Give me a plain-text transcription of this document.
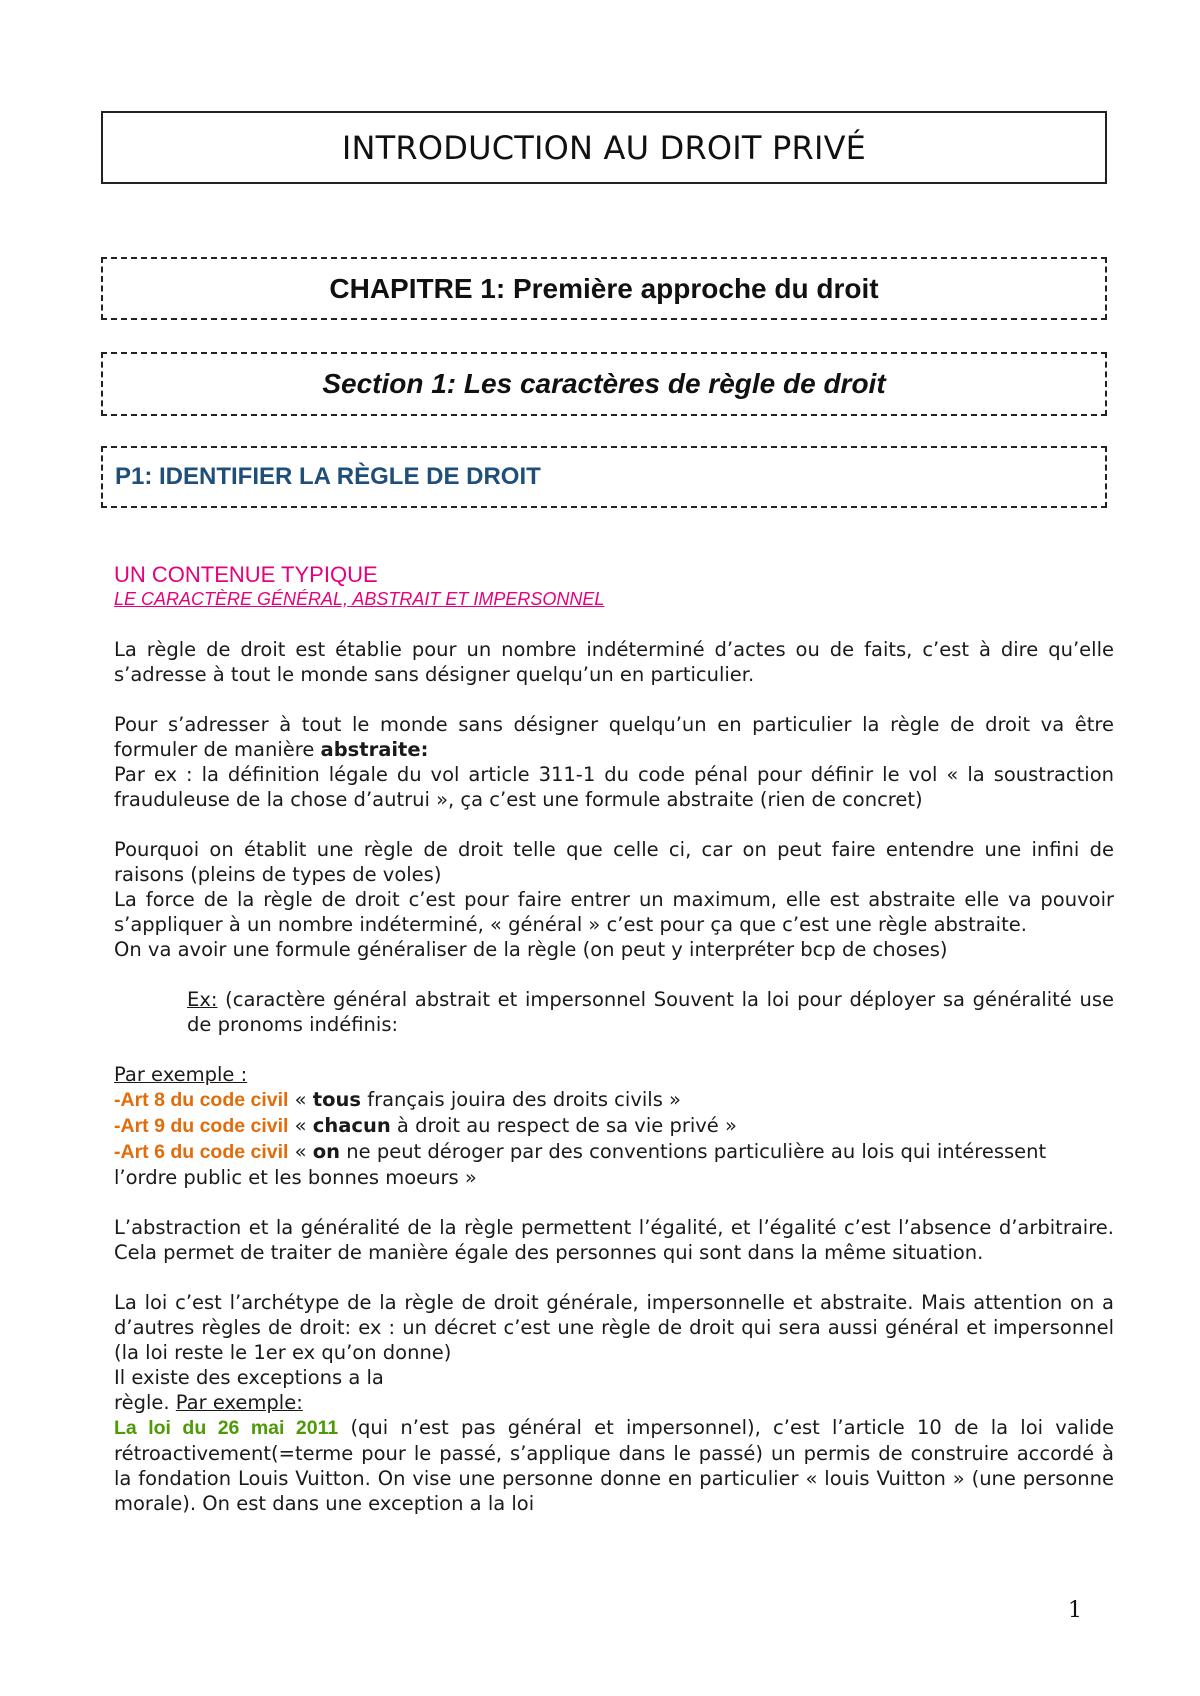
INTRODUCTION AU DROIT PRIVÉ
CHAPITRE 1: Première approche du droit
Section 1: Les caractères de règle de droit
P1: IDENTIFIER LA RÈGLE DE DROIT

UN CONTENUE TYPIQUE

LE CARACTÈRE GÉNÉRAL, ABSTRAIT ET IMPERSONNEL

La règle de droit est établie pour un nombre indéterminé d’actes ou de faits, c’est à dire qu’elle s’adresse à tout le monde sans désigner quelqu’un en particulier.

Pour s’adresser à tout le monde sans désigner quelqu’un en particulier la règle de droit va être formuler de manière abstraite:

Par ex : la définition légale du vol article 311-1 du code pénal pour définir le vol « la soustraction frauduleuse de la chose d’autrui », ça c’est une formule abstraite (rien de concret)

Pourquoi on établit une règle de droit telle que celle ci, car on peut faire entendre une infini de raisons (pleins de types de voles)

La force de la règle de droit c’est pour faire entrer un maximum, elle est abstraite elle va pouvoir s’appliquer à un nombre indéterminé, « général » c’est pour ça que c’est une règle abstraite.

On va avoir une formule généraliser de la règle (on peut y interpréter bcp de choses)

Ex: (caractère général abstrait et impersonnel Souvent la loi pour déployer sa généralité use de pronoms indéfinis:

Par exemple :

-Art 8 du code civil « tous français jouira des droits civils »

-Art 9 du code civil « chacun à droit au respect de sa vie privé »

-Art 6 du code civil « on ne peut déroger par des conventions particulière au lois qui intéressent l’ordre public et les bonnes moeurs »

L’abstraction et la généralité de la règle permettent l’égalité, et l’égalité c’est l’absence d’arbitraire. Cela permet de traiter de manière égale des personnes qui sont dans la même situation.

La loi c’est l’archétype de la règle de droit générale, impersonnelle et abstraite. Mais attention on a d’autres règles de droit: ex : un décret c’est une règle de droit qui sera aussi général et impersonnel (la loi reste le 1er ex qu’on donne)

Il existe des exceptions a la

règle. Par exemple:

La loi du 26 mai 2011 (qui n’est pas général et impersonnel), c’est l’article 10 de la loi valide rétroactivement(=terme pour le passé, s’applique dans le passé) un permis de construire accordé à la fondation Louis Vuitton. On vise une personne donne en particulier « louis Vuitton » (une personne morale). On est dans une exception a la loi

1
